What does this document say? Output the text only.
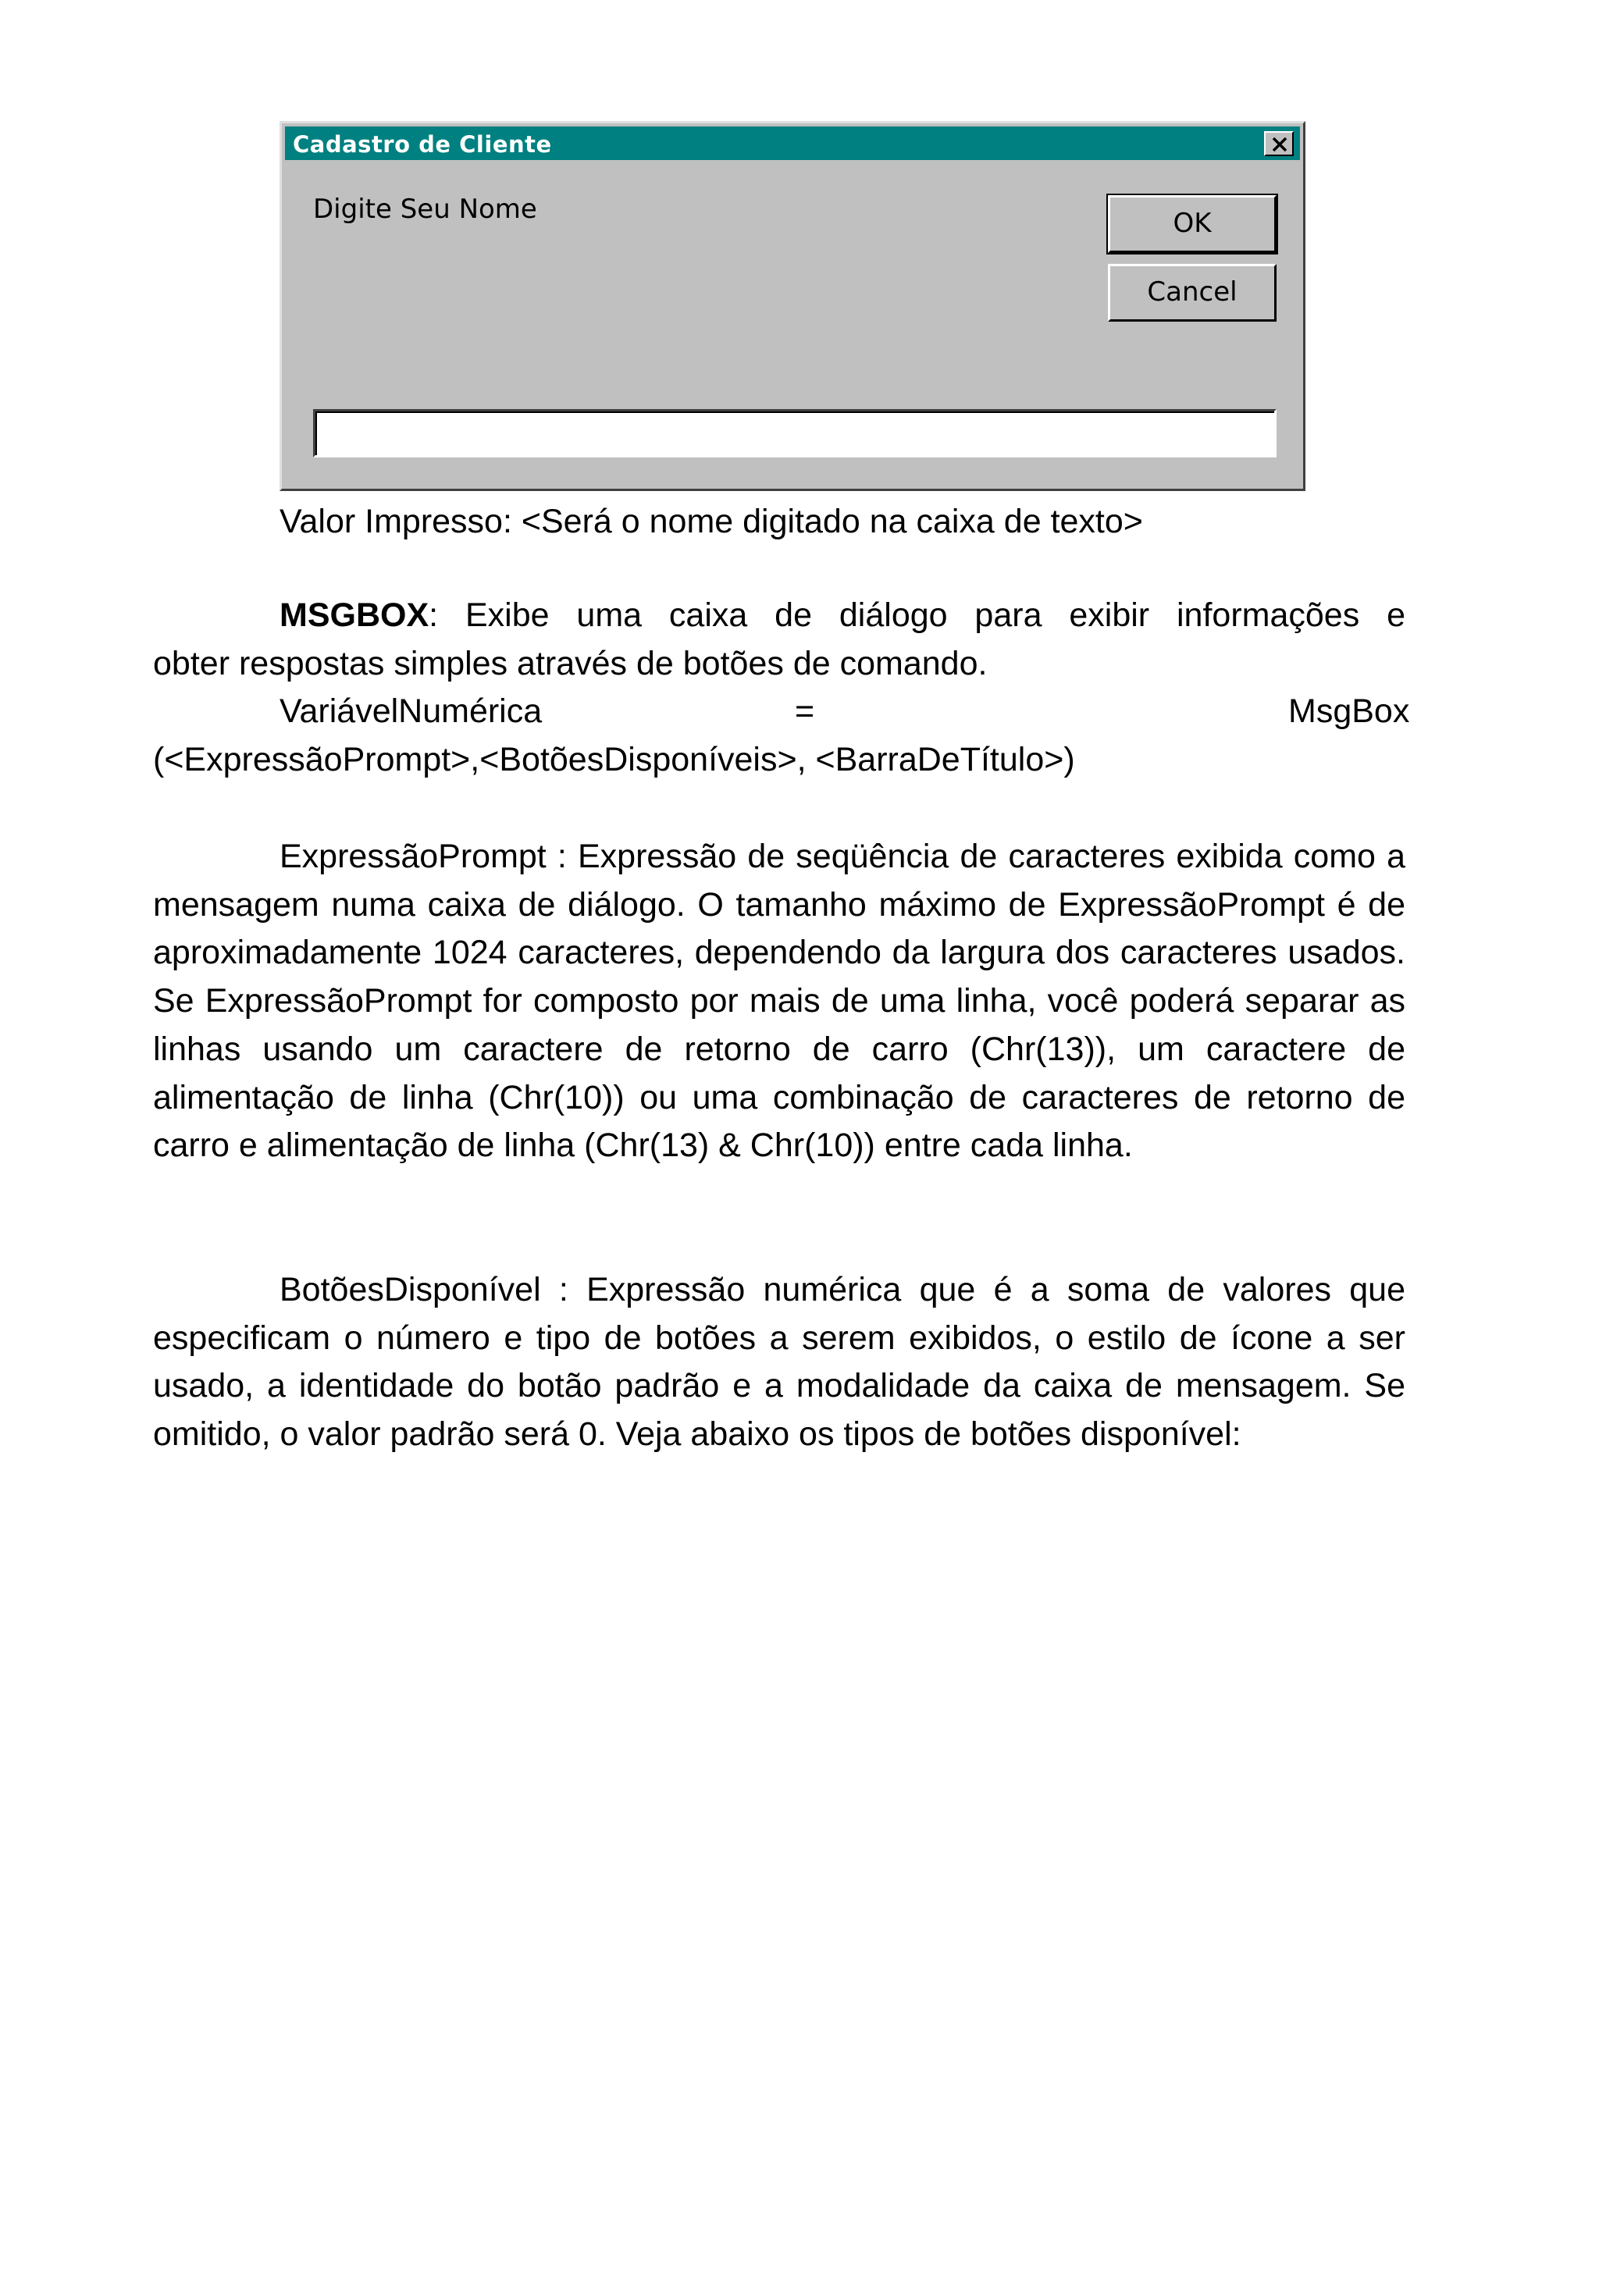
Cadastro de Cliente
Digite Seu Nome	OK
Cancel
Valor Impresso: <Será o nome digitado na caixa de texto>
MSGBOX: Exibe uma caixa de diálogo para exibir informações e
obter respostas simples através de botões de comando.
VariávelNumérica	=	MsgBox
(<ExpressãoPrompt>,<BotõesDisponíveis>, <BarraDeTítulo>)
ExpressãoPrompt : Expressão de seqüência de caracteres exibida como a mensagem numa caixa de diálogo. O tamanho máximo de ExpressãoPrompt é de aproximadamente 1024 caracteres, dependendo da largura dos caracteres usados. Se ExpressãoPrompt for composto por mais de uma linha, você poderá separar as linhas usando um caractere de retorno de carro (Chr(13)), um caractere de alimentação de linha (Chr(10)) ou uma combinação de caracteres de retorno de carro e alimentação de linha (Chr(13) & Chr(10)) entre cada linha.
BotõesDisponível : Expressão numérica que é a soma de valores que especificam o número e tipo de botões a serem exibidos, o estilo de ícone a ser usado, a identidade do botão padrão e a modalidade da caixa de mensagem. Se omitido, o valor padrão será 0. Veja abaixo os tipos de botões disponível:
